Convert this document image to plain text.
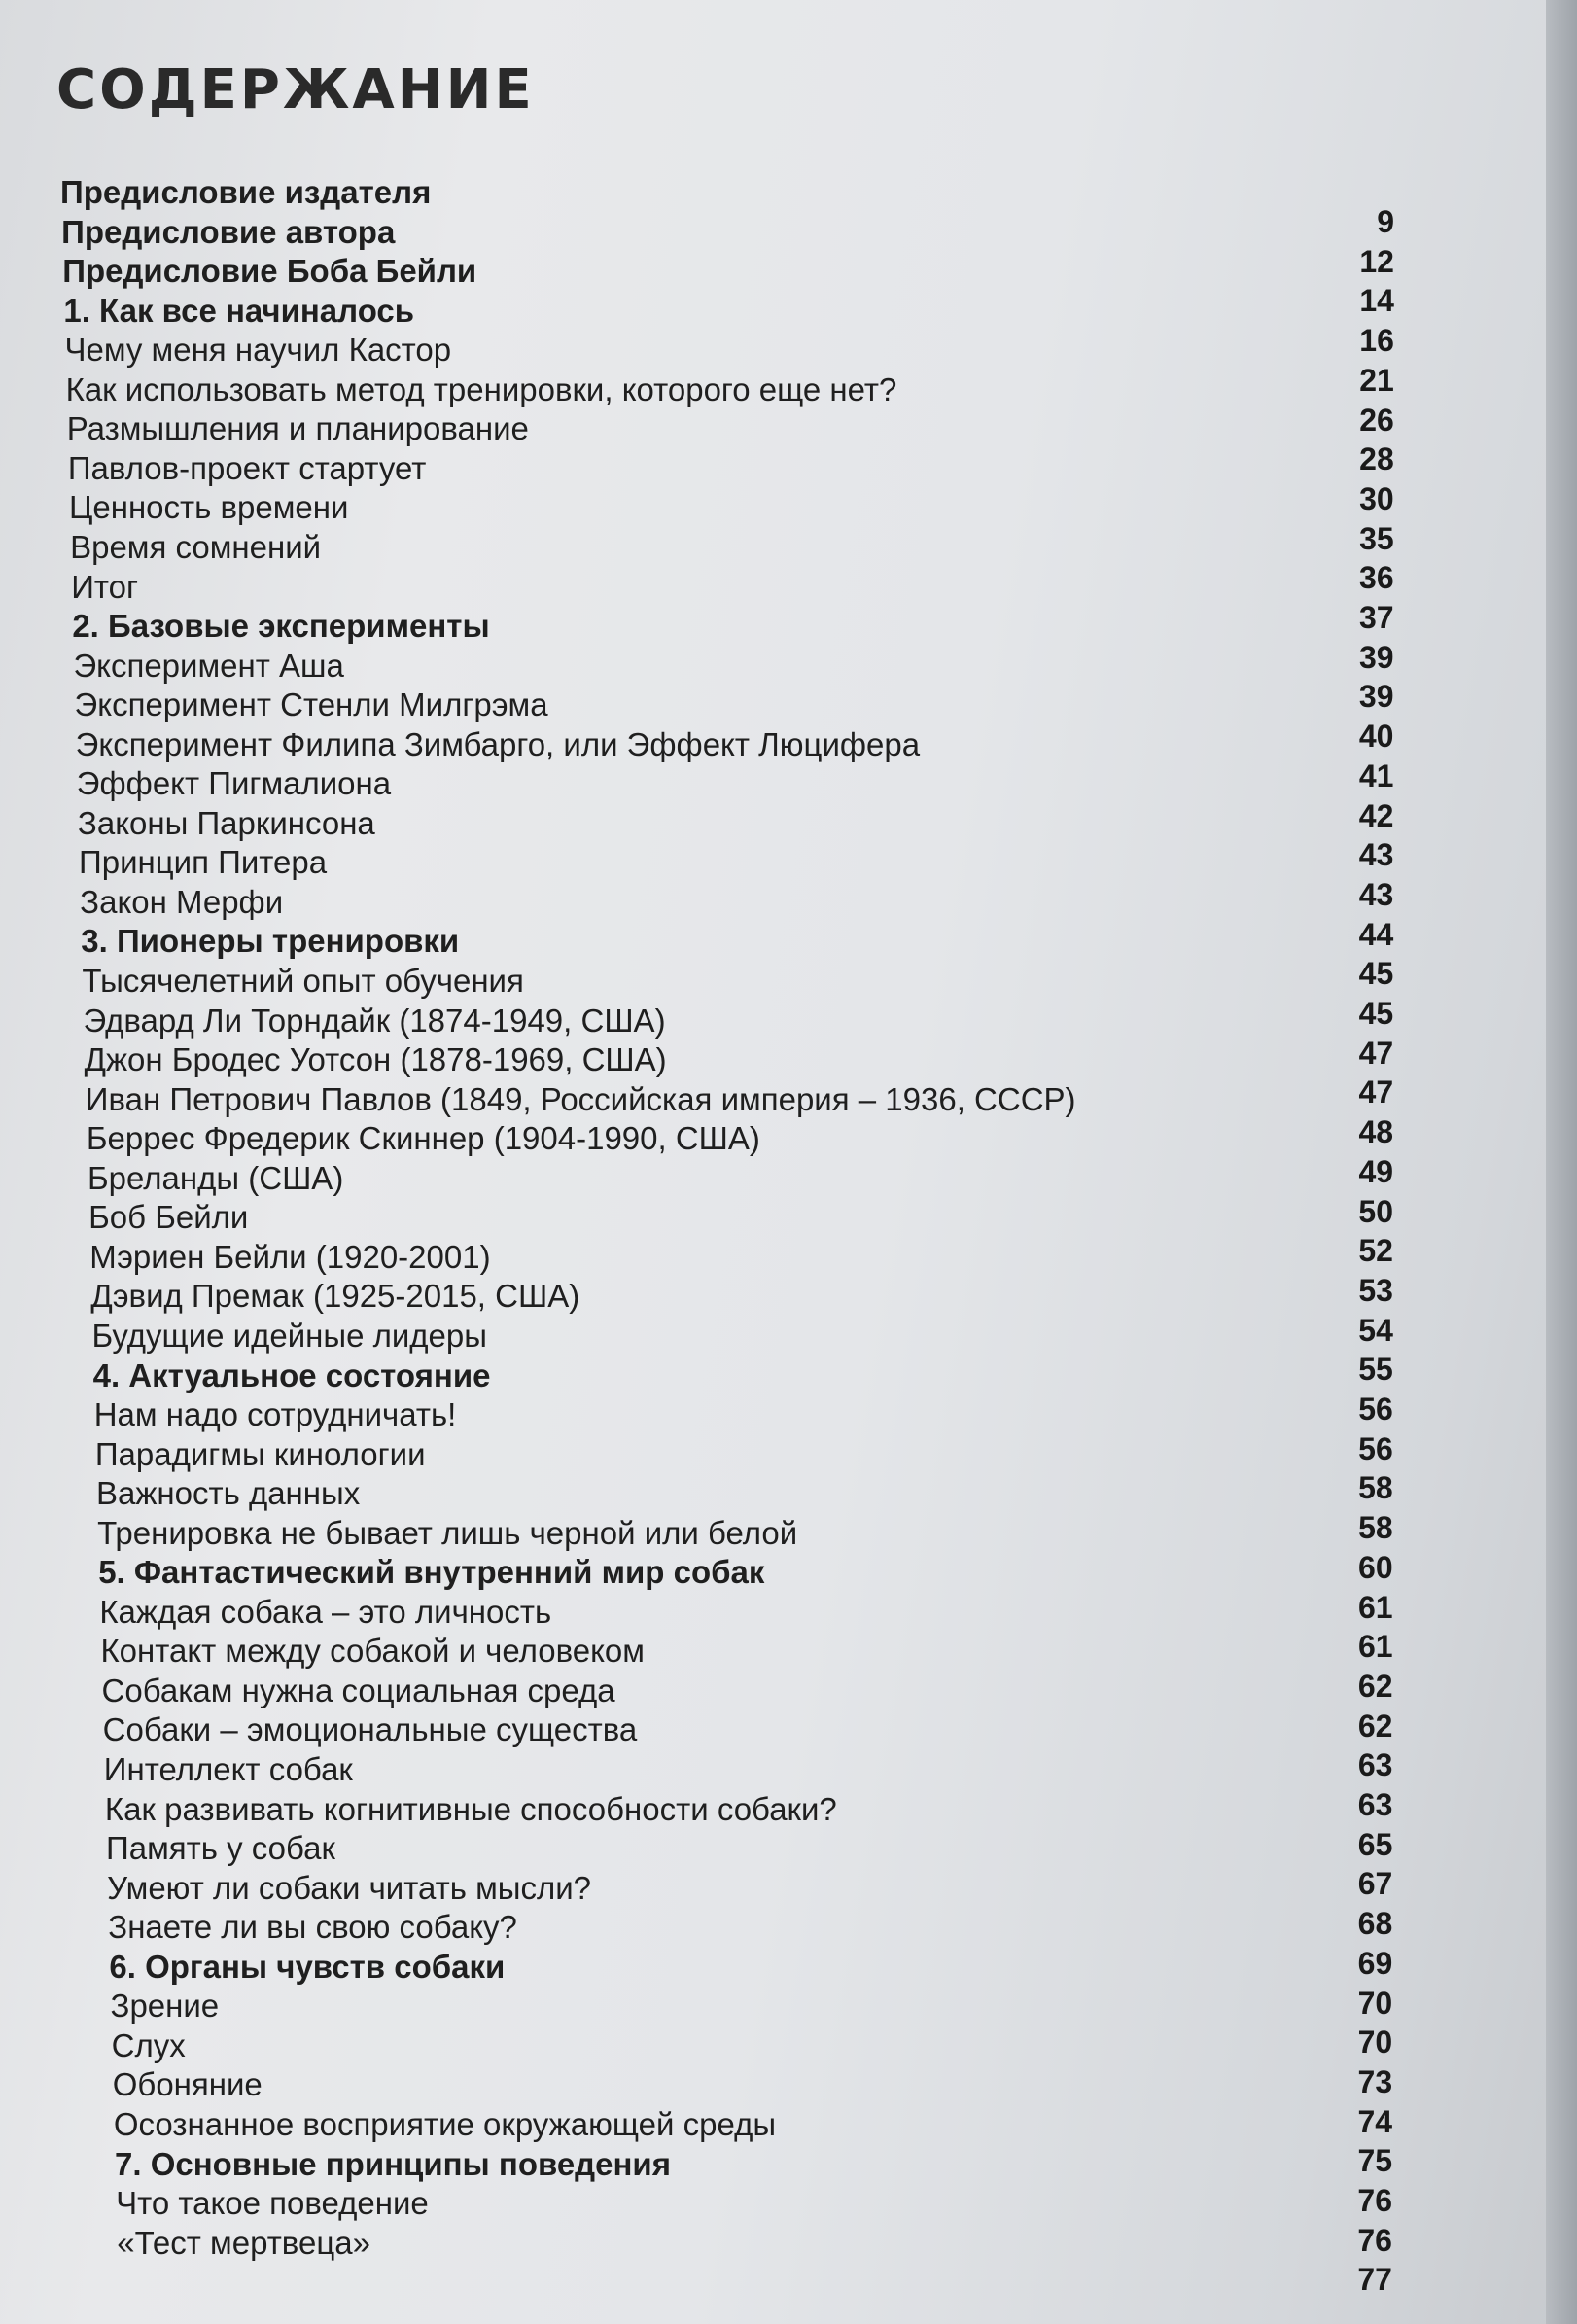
СОДЕРЖАНИЕ
Предисловие издателя
Предисловие автора
Предисловие Боба Бейли
1. Как все начиналось
Чему меня научил Кастор
Как использовать метод тренировки, которого еще нет?
Размышления и планирование
Павлов-проект стартует
Ценность времени
Время сомнений
Итог
2. Базовые эксперименты
Эксперимент Аша
Эксперимент Стенли Милгрэма
Эксперимент Филипа Зимбарго, или Эффект Люцифера
Эффект Пигмалиона
Законы Паркинсона
Принцип Питера
Закон Мерфи
3. Пионеры тренировки
Тысячелетний опыт обучения
Эдвард Ли Торндайк (1874-1949, США)
Джон Бродес Уотсон (1878-1969, США)
Иван Петрович Павлов (1849, Российская империя – 1936, СССР)
Беррес Фредерик Скиннер (1904-1990, США)
Бреланды (США)
Боб Бейли
Мэриен Бейли (1920-2001)
Дэвид Премак (1925-2015, США)
Будущие идейные лидеры
4. Актуальное состояние
Нам надо сотрудничать!
Парадигмы кинологии
Важность данных
Тренировка не бывает лишь черной или белой
5. Фантастический внутренний мир собак
Каждая собака – это личность
Контакт между собакой и человеком
Собакам нужна социальная среда
Собаки – эмоциональные существа
Интеллект собак
Как развивать когнитивные способности собаки?
Память у собак
Умеют ли собаки читать мысли?
Знаете ли вы свою собаку?
6. Органы чувств собаки
Зрение
Слух
Обоняние
Осознанное восприятие окружающей среды
7. Основные принципы поведения
Что такое поведение
«Тест мертвеца»
9
12
14
16
21
26
28
30
35
36
37
39
39
40
41
42
43
43
44
45
45
47
47
48
49
50
52
53
54
55
56
56
58
58
60
61
61
62
62
63
63
65
67
68
69
70
70
73
74
75
76
76
77
